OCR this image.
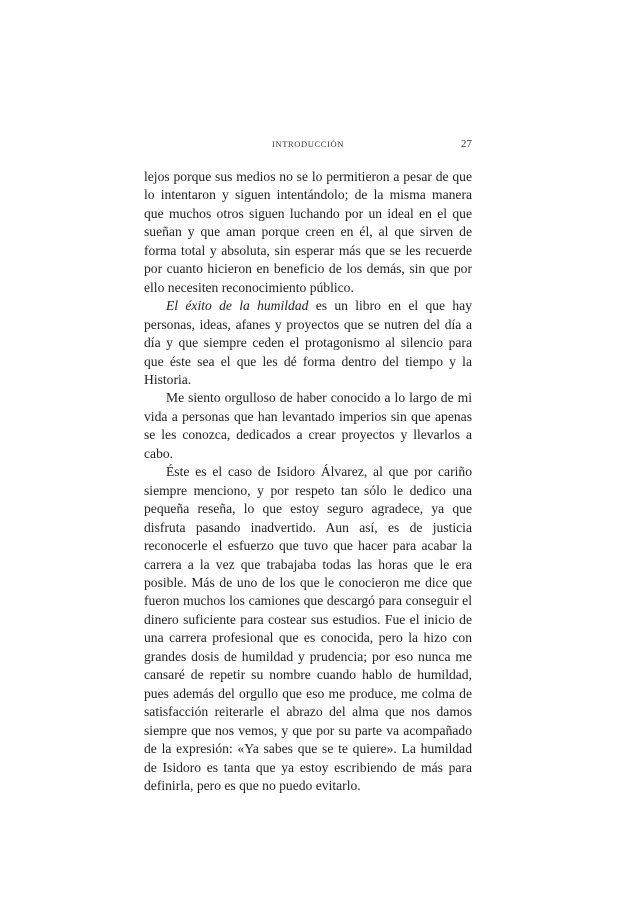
INTRODUCCIÓN	27

lejos porque sus medios no se lo permitieron a pesar de que lo intentaron y siguen intentándolo; de la misma manera que muchos otros siguen luchando por un ideal en el que sueñan y que aman porque creen en él, al que sirven de forma total y absoluta, sin esperar más que se les recuerde por cuanto hicieron en beneficio de los demás, sin que por ello necesiten reconocimiento público.

El éxito de la humildad es un libro en el que hay personas, ideas, afanes y proyectos que se nutren del día a día y que siempre ceden el protagonismo al silencio para que éste sea el que les dé forma dentro del tiempo y la Historia.

Me siento orgulloso de haber conocido a lo largo de mi vida a personas que han levantado imperios sin que apenas se les conozca, dedicados a crear proyectos y llevarlos a cabo.

Éste es el caso de Isidoro Álvarez, al que por cariño siempre menciono, y por respeto tan sólo le dedico una pequeña reseña, lo que estoy seguro agradece, ya que disfruta pasando inadvertido. Aun así, es de justicia reconocerle el esfuerzo que tuvo que hacer para acabar la carrera a la vez que trabajaba todas las horas que le era posible. Más de uno de los que le conocieron me dice que fueron muchos los camiones que descargó para conseguir el dinero suficiente para costear sus estudios. Fue el inicio de una carrera profesional que es conocida, pero la hizo con grandes dosis de humildad y prudencia; por eso nunca me cansaré de repetir su nombre cuando hablo de humildad, pues además del orgullo que eso me produce, me colma de satisfacción reiterarle el abrazo del alma que nos damos siempre que nos vemos, y que por su parte va acompañado de la expresión: «Ya sabes que se te quiere». La humildad de Isidoro es tanta que ya estoy escribiendo de más para definirla, pero es que no puedo evitarlo.
